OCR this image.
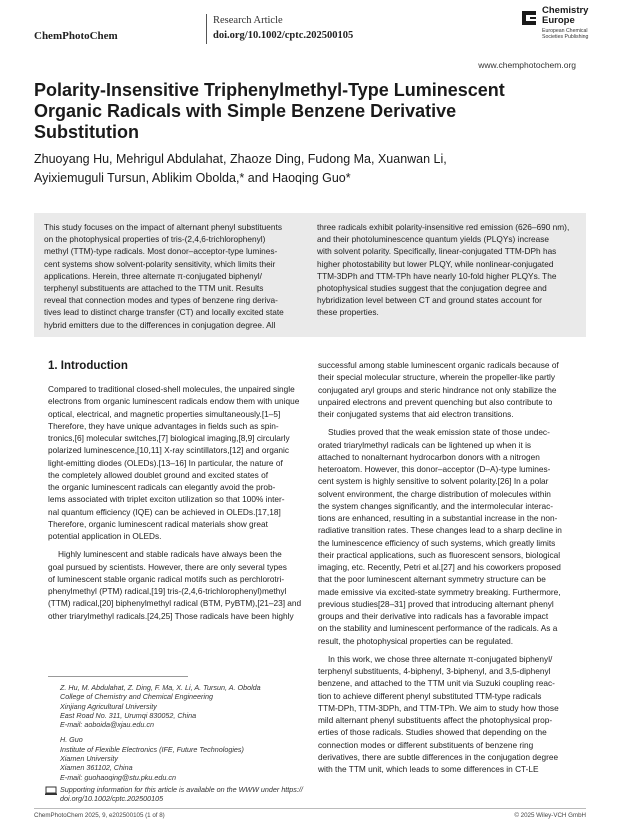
ChemPhotoChem
Research Article
doi.org/10.1002/cptc.202500105
Chemistry
Europe
European Chemical
Societies Publishing
www.chemphotochem.org
Polarity-Insensitive Triphenylmethyl-Type Luminescent
Organic Radicals with Simple Benzene Derivative
Substitution
Zhuoyang Hu, Mehrigul Abdulahat, Zhaoze Ding, Fudong Ma, Xuanwan Li,
Ayixiemuguli Tursun, Ablikim Obolda,* and Haoqing Guo*
This study focuses on the impact of alternant phenyl substituents
on the photophysical properties of tris-(2,4,6-trichlorophenyl)
methyl (TTM)-type radicals. Most donor–acceptor-type lumines-
cent systems show solvent-polarity sensitivity, which limits their
applications. Herein, three alternate π-conjugated biphenyl/
terphenyl substituents are attached to the TTM unit. Results
reveal that connection modes and types of benzene ring deriva-
tives lead to distinct charge transfer (CT) and locally excited state
hybrid emitters due to the differences in conjugation degree. All
three radicals exhibit polarity-insensitive red emission (626–690 nm),
and their photoluminescence quantum yields (PLQYs) increase
with solvent polarity. Specifically, linear-conjugated TTM-DPh has
higher photostability but lower PLQY, while nonlinear-conjugated
TTM-3DPh and TTM-TPh have nearly 10-fold higher PLQYs. The
photophysical studies suggest that the conjugation degree and
hybridization level between CT and ground states account for
these properties.
1. Introduction
Compared to traditional closed-shell molecules, the unpaired single
electrons from organic luminescent radicals endow them with unique
optical, electrical, and magnetic properties simultaneously.[1–5]
Therefore, they have unique advantages in fields such as spin-
tronics,[6] molecular switches,[7] biological imaging,[8,9] circularly
polarized luminescence,[10,11] X-ray scintillators,[12] and organic
light-emitting diodes (OLEDs).[13–16] In particular, the nature of
the completely allowed doublet ground and excited states of
the organic luminescent radicals can elegantly avoid the prob-
lems associated with triplet exciton utilization so that 100% inter-
nal quantum efficiency (IQE) can be achieved in OLEDs.[17,18]
Therefore, organic luminescent radical materials show great
potential application in OLEDs.
Highly luminescent and stable radicals have always been the
goal pursued by scientists. However, there are only several types
of luminescent stable organic radical motifs such as perchlorotri-
phenylmethyl (PTM) radical,[19] tris-(2,4,6-trichlorophenyl)methyl
(TTM) radical,[20] biphenylmethyl radical (BTM, PyBTM),[21–23] and
other triarylmethyl radicals.[24,25] Those radicals have been highly
successful among stable luminescent organic radicals because of
their special molecular structure, wherein the propeller-like partly
conjugated aryl groups and steric hindrance not only stabilize the
unpaired electrons and prevent quenching but also contribute to
their conjugated systems that aid electron transitions.
Studies proved that the weak emission state of those undec-
orated triarylmethyl radicals can be lightened up when it is
attached to nonalternant hydrocarbon donors with a nitrogen
heteroatom. However, this donor–acceptor (D–A)-type lumines-
cent system is highly sensitive to solvent polarity.[26] In a polar
solvent environment, the charge distribution of molecules within
the system changes significantly, and the intermolecular interac-
tions are enhanced, resulting in a substantial increase in the non-
radiative transition rates. These changes lead to a sharp decline in
the luminescence efficiency of such systems, which greatly limits
their practical applications, such as fluorescent sensors, biological
imaging, etc. Recently, Petri et al.[27] and his coworkers proposed
that the poor luminescent alternant symmetry structure can be
made emissive via excited-state symmetry breaking. Furthermore,
previous studies[28–31] proved that introducing alternant phenyl
groups and their derivative into radicals has a favorable impact
on the stability and luminescent performance of the radicals. As a
result, the photophysical properties can be regulated.
In this work, we chose three alternate π-conjugated biphenyl/
terphenyl substituents, 4-biphenyl, 3-biphenyl, and 3,5-diphenyl
benzene, and attached to the TTM unit via Suzuki coupling reac-
tion to achieve different phenyl substituted TTM-type radicals
TTM-DPh, TTM-3DPh, and TTM-TPh. We aim to study how those
mild alternant phenyl substituents affect the photophysical prop-
erties of those radicals. Studies showed that depending on the
connection modes or different substituents of benzene ring
derivatives, there are subtle differences in the conjugation degree
with the TTM unit, which leads to some differences in CT-LE
Z. Hu, M. Abdulahat, Z. Ding, F. Ma, X. Li, A. Tursun, A. Obolda
College of Chemistry and Chemical Engineering
Xinjiang Agricultural University
East Road No. 311, Urumqi 830052, China
E-mail: aoboida@xjau.edu.cn
H. Guo
Institute of Flexible Electronics (IFE, Future Technologies)
Xiamen University
Xiamen 361102, China
E-mail: guohaoqing@stu.pku.edu.cn
Supporting information for this article is available on the WWW under https://
doi.org/10.1002/cptc.202500105
ChemPhotoChem 2025, 9, e202500105 (1 of 8)	© 2025 Wiley-VCH GmbH
